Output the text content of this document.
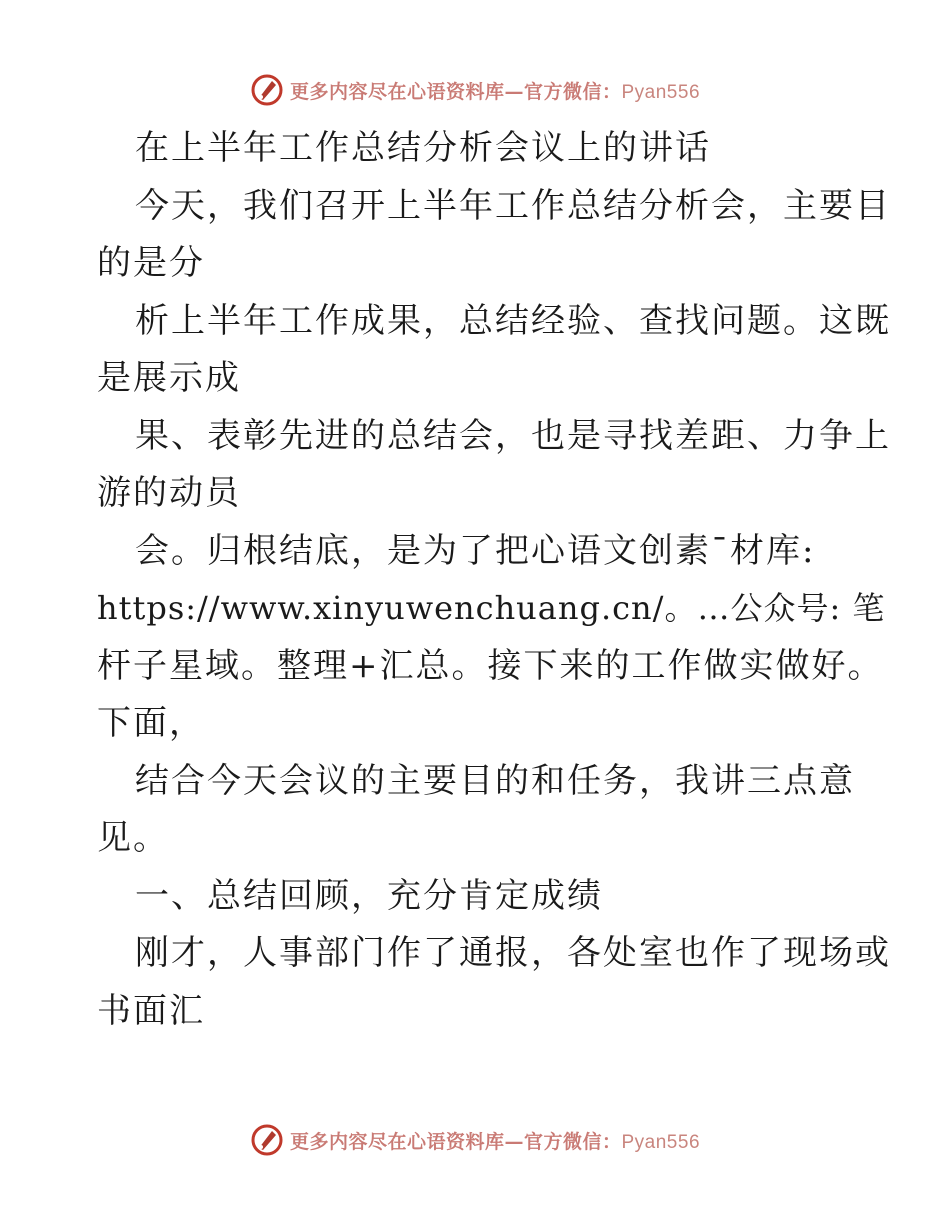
更多内容尽在心语资料库—官方微信：Pyan556
在上半年工作总结分析会议上的讲话
今天，我们召开上半年工作总结分析会，主要目
的是分
析上半年工作成果，总结经验、查找问题。这既
是展示成
果、表彰先进的总结会，也是寻找差距、力争上
游的动员
会。归根结底，是为了把心语文创素¯材库:
https://www.xinyuwenchuang.cn/。…公众号: 笔
杆子星域。整理+汇总。接下来的工作做实做好。
下面，
结合今天会议的主要目的和任务，我讲三点意
见。
一、总结回顾，充分肯定成绩
刚才，人事部门作了通报，各处室也作了现场或
书面汇
更多内容尽在心语资料库—官方微信：Pyan556
